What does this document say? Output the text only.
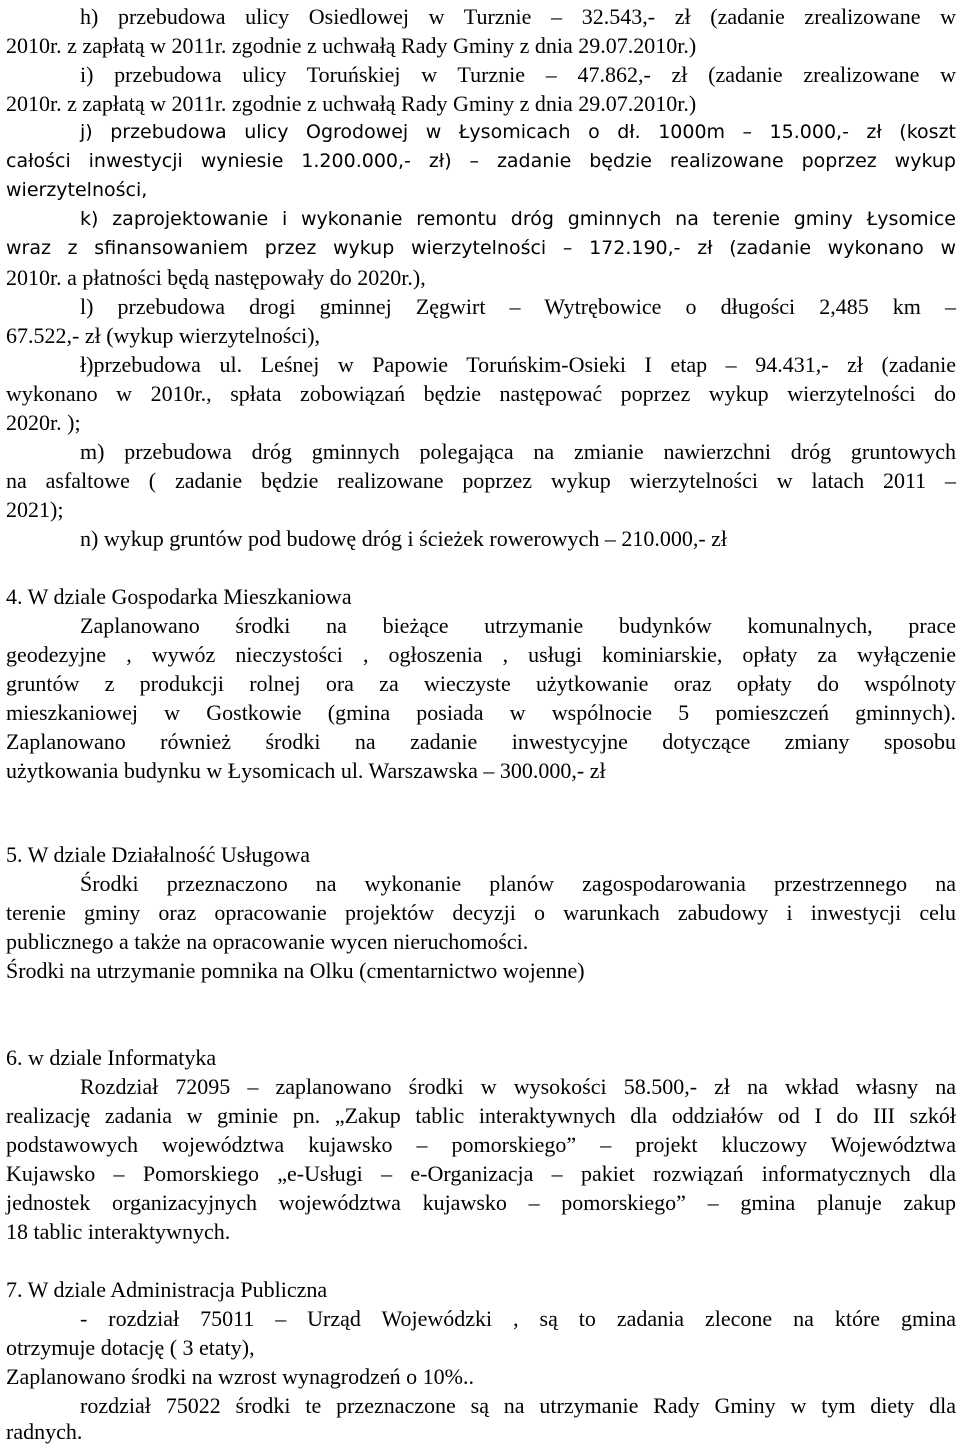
h) przebudowa ulicy Osiedlowej w Turznie – 32.543,- zł (zadanie zrealizowane w
2010r. z zapłatą w 2011r. zgodnie z uchwałą Rady Gminy z dnia 29.07.2010r.)
i) przebudowa ulicy Toruńskiej w Turznie – 47.862,- zł (zadanie zrealizowane w
2010r. z zapłatą w 2011r. zgodnie z uchwałą Rady Gminy z dnia 29.07.2010r.)
j) przebudowa ulicy Ogrodowej w Łysomicach o dł. 1000m – 15.000,- zł (koszt
całości inwestycji wyniesie 1.200.000,- zł) – zadanie będzie realizowane poprzez wykup
wierzytelności,
k) zaprojektowanie i wykonanie remontu dróg gminnych na terenie gminy Łysomice
wraz z sfinansowaniem przez wykup wierzytelności – 172.190,- zł (zadanie wykonano w
2010r. a płatności będą następowały do 2020r.),
l) przebudowa drogi gminnej Zęgwirt – Wytrębowice o długości 2,485 km –
67.522,- zł (wykup wierzytelności),
ł)przebudowa ul. Leśnej w Papowie Toruńskim-Osieki I etap – 94.431,- zł (zadanie
wykonano w 2010r., spłata zobowiązań będzie następować poprzez wykup wierzytelności do
2020r. );
m) przebudowa dróg gminnych polegająca na zmianie nawierzchni dróg gruntowych
na asfaltowe ( zadanie będzie realizowane poprzez wykup wierzytelności w latach 2011 –
2021);
n) wykup gruntów pod budowę dróg i ścieżek rowerowych – 210.000,- zł
4. W dziale Gospodarka Mieszkaniowa
Zaplanowano środki na bieżące utrzymanie budynków komunalnych, prace
geodezyjne , wywóz nieczystości , ogłoszenia , usługi kominiarskie, opłaty za wyłączenie
gruntów z produkcji rolnej ora za wieczyste użytkowanie oraz opłaty do wspólnoty
mieszkaniowej w Gostkowie (gmina posiada w wspólnocie 5 pomieszczeń gminnych).
Zaplanowano również środki na zadanie inwestycyjne dotyczące zmiany sposobu
użytkowania budynku w Łysomicach ul. Warszawska – 300.000,- zł
5. W dziale Działalność Usługowa
Środki przeznaczono na wykonanie planów zagospodarowania przestrzennego na
terenie gminy oraz opracowanie projektów decyzji o warunkach zabudowy i inwestycji celu
publicznego a także na opracowanie wycen nieruchomości.
Środki na utrzymanie pomnika na Olku (cmentarnictwo wojenne)
6. w dziale Informatyka
Rozdział 72095 – zaplanowano środki w wysokości 58.500,- zł na wkład własny na
realizację zadania w gminie pn. „Zakup tablic interaktywnych dla oddziałów od I do III szkół
podstawowych województwa kujawsko – pomorskiego” – projekt kluczowy Województwa
Kujawsko – Pomorskiego „e-Usługi – e-Organizacja – pakiet rozwiązań informatycznych dla
jednostek organizacyjnych województwa kujawsko – pomorskiego” – gmina planuje zakup
18 tablic interaktywnych.
7. W dziale Administracja Publiczna
- rozdział 75011 – Urząd Wojewódzki , są to zadania zlecone na które gmina
otrzymuje dotację ( 3 etaty),
Zaplanowano środki na wzrost wynagrodzeń o 10%..
rozdział 75022 środki te przeznaczone są na utrzymanie Rady Gminy w tym diety dla
radnych.
